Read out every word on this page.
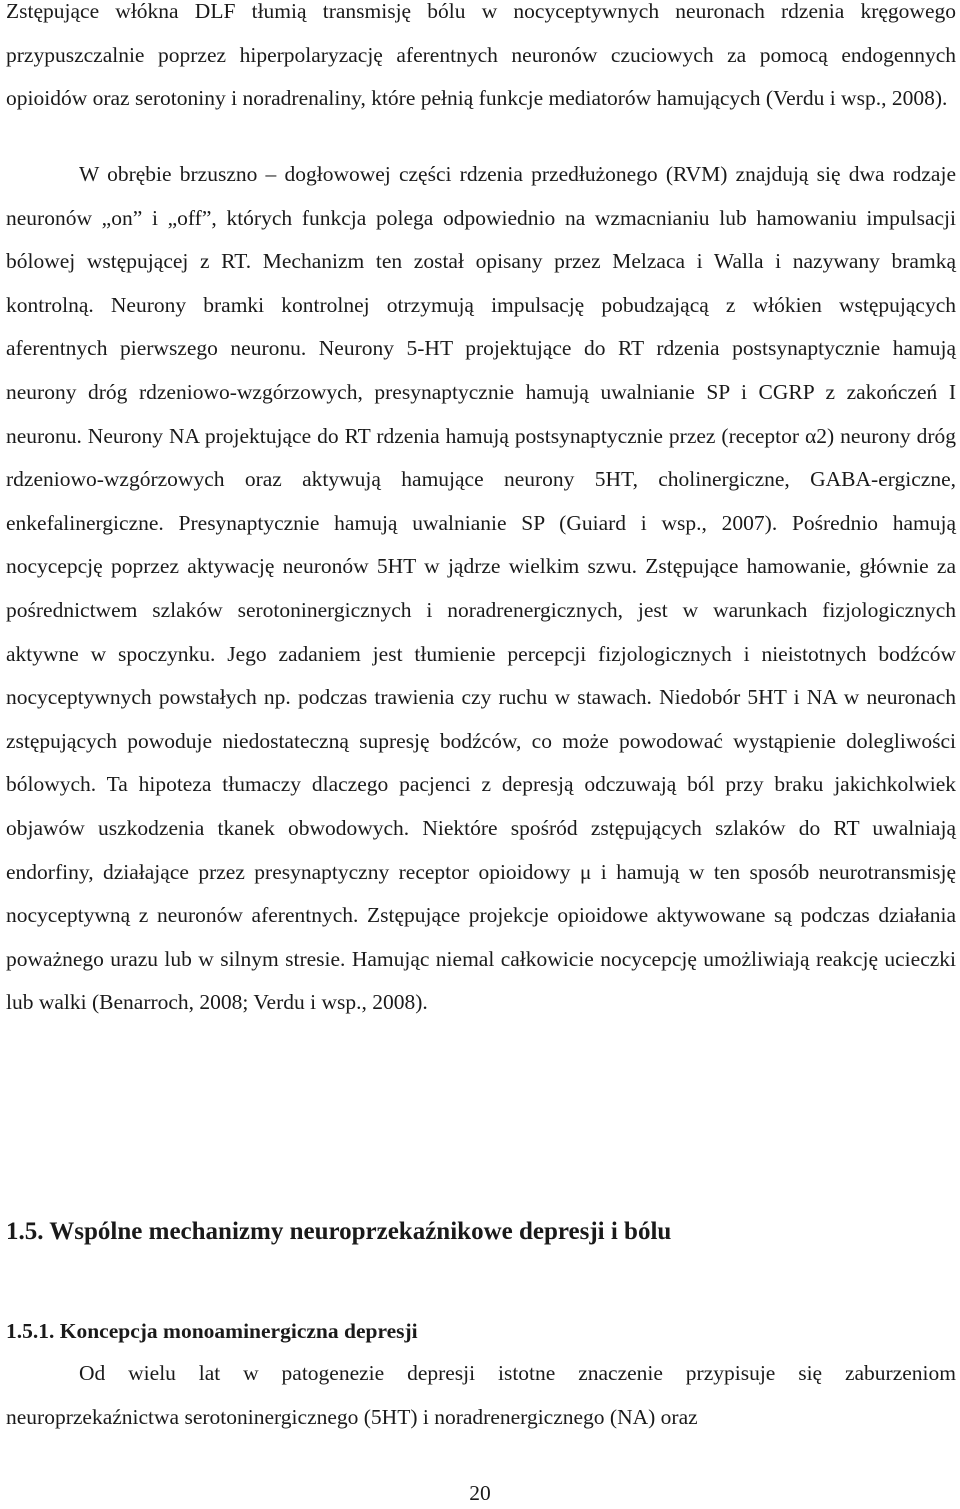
Zstępujące włókna DLF tłumią transmisję bólu w nocyceptywnych neuronach rdzenia kręgowego przypuszczalnie poprzez hiperpolaryzację aferentnych neuronów czuciowych za pomocą endogennych opioidów oraz serotoniny i noradrenaliny, które pełnią funkcje mediatorów hamujących (Verdu i wsp., 2008).

W obrębie brzuszno – dogłowowej części rdzenia przedłużonego (RVM) znajdują się dwa rodzaje neuronów „on” i „off”, których funkcja polega odpowiednio na wzmacnianiu lub hamowaniu impulsacji bólowej wstępującej z RT. Mechanizm ten został opisany przez Melzaca i Walla i nazywany bramką kontrolną. Neurony bramki kontrolnej otrzymują impulsację pobudzającą z włókien wstępujących aferentnych pierwszego neuronu. Neurony 5-HT projektujące do RT rdzenia postsynaptycznie hamują neurony dróg rdzeniowo-wzgórzowych, presynaptycznie hamują uwalnianie SP i CGRP z zakończeń I neuronu. Neurony NA projektujące do RT rdzenia hamują postsynaptycznie przez (receptor α2) neurony dróg rdzeniowo-wzgórzowych oraz aktywują hamujące neurony 5HT, cholinergiczne, GABA-ergiczne, enkefalinergiczne. Presynaptycznie hamują uwalnianie SP (Guiard i wsp., 2007). Pośrednio hamują nocycepcję poprzez aktywację neuronów 5HT w jądrze wielkim szwu. Zstępujące hamowanie, głównie za pośrednictwem szlaków serotoninergicznych i noradrenergicznych, jest w warunkach fizjologicznych aktywne w spoczynku. Jego zadaniem jest tłumienie percepcji fizjologicznych i nieistotnych bodźców nocyceptywnych powstałych np. podczas trawienia czy ruchu w stawach. Niedobór 5HT i NA w neuronach zstępujących powoduje niedostateczną supresję bodźców, co może powodować wystąpienie dolegliwości bólowych. Ta hipoteza tłumaczy dlaczego pacjenci z depresją odczuwają ból przy braku jakichkolwiek objawów uszkodzenia tkanek obwodowych. Niektóre spośród zstępujących szlaków do RT uwalniają endorfiny, działające przez presynaptyczny receptor opioidowy μ i hamują w ten sposób neurotransmisję nocyceptywną z neuronów aferentnych. Zstępujące projekcje opioidowe aktywowane są podczas działania poważnego urazu lub w silnym stresie. Hamując niemal całkowicie nocycepcję umożliwiają reakcję ucieczki lub walki (Benarroch, 2008; Verdu i wsp., 2008).

1.5. Wspólne mechanizmy neuroprzekaźnikowe depresji i bólu
1.5.1. Koncepcja monoaminergiczna depresji

Od wielu lat w patogenezie depresji istotne znaczenie przypisuje się zaburzeniom neuroprzekaźnictwa serotoninergicznego (5HT) i noradrenergicznego (NA) oraz

20
